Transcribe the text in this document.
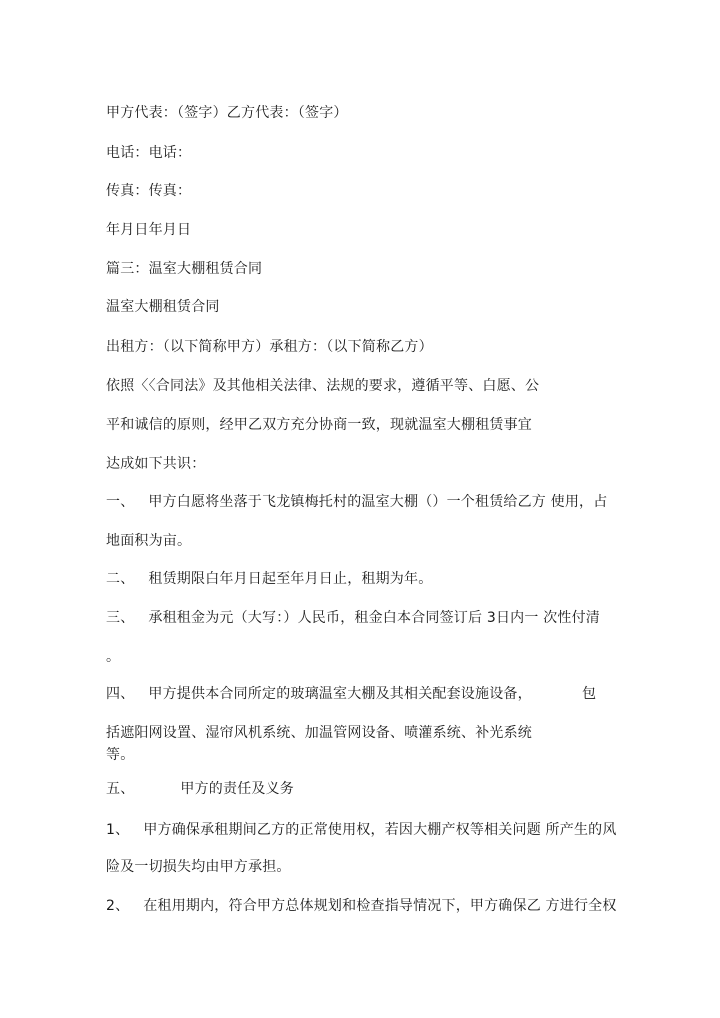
甲方代表：（签字）乙方代表：（签字）
电话：电话：
传真：传真：
年月日年月日
篇三：温室大棚租赁合同
温室大棚租赁合同
出租方：（以下简称甲方）承租方：（以下简称乙方）
依照〈〈合同法》及其他相关法律、法规的要求，遵循平等、白愿、公
平和诚信的原则，经甲乙双方充分协商一致，现就温室大棚租赁事宜
达成如下共识：
一、 甲方白愿将坐落于飞龙镇梅托村的温室大棚（）一个租赁给乙方 使用，占
地面积为亩。
二、 租赁期限白年月日起至年月日止，租期为年。
三、 承租租金为元（大写：）人民币，租金白本合同签订后 3日内一 次性付清
。
四、 甲方提供本合同所定的玻璃温室大棚及其相关配套设施设备，	包
括遮阳网设置、湿帘风机系统、加温管网设备、喷灌系统、补光系统
等。
五、	甲方的责任及义务
1、 甲方确保承租期间乙方的正常使用权，若因大棚产权等相关问题 所产生的风
险及一切损失均由甲方承担。
2、 在租用期内，符合甲方总体规划和检查指导情况下，甲方确保乙 方进行全权
